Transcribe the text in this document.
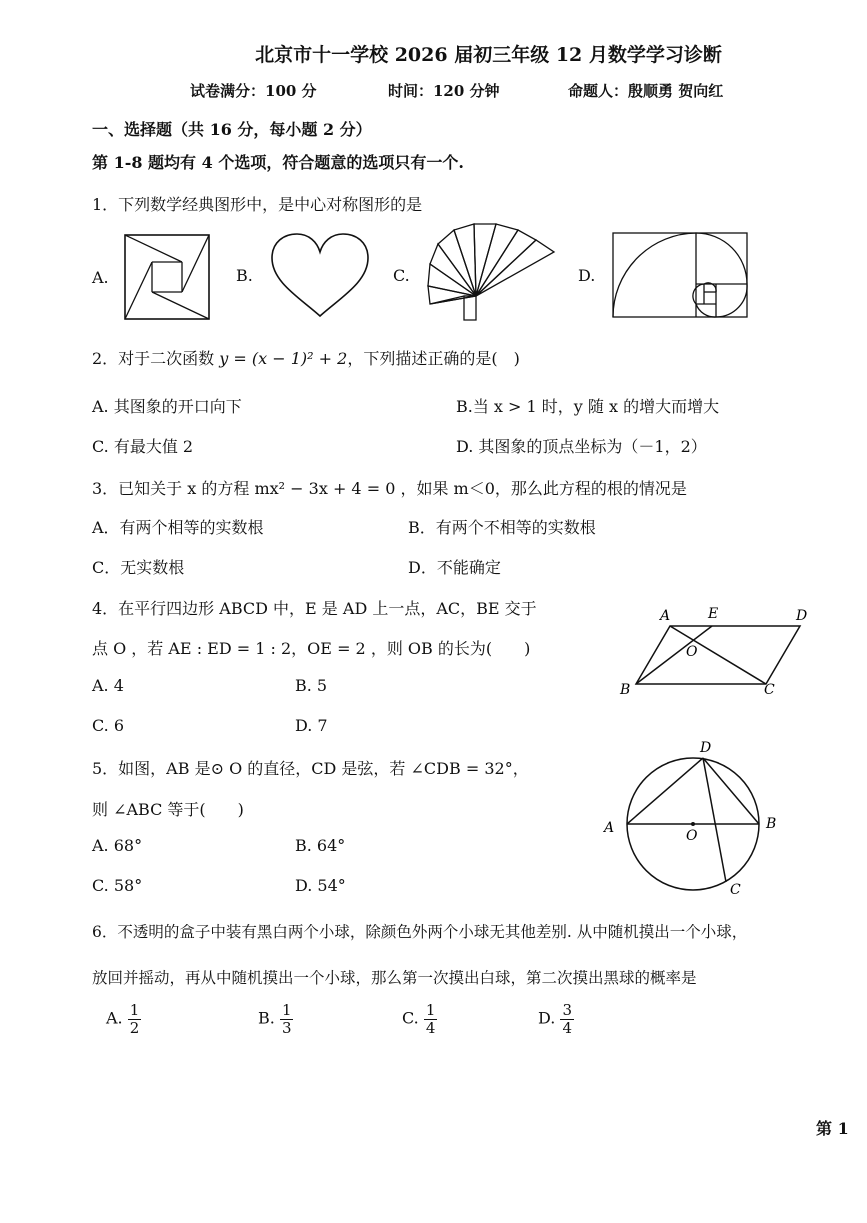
北京市十一学校 2026 届初三年级 12 月数学学习诊断
试卷满分：100 分	时间：120 分钟	命题人：殷顺勇 贺向红
一、选择题（共 16 分，每小题 2 分）
第 1-8 题均有 4 个选项，符合题意的选项只有一个.
1．下列数学经典图形中，是中心对称图形的是
A.	B.	C.	D.
2．对于二次函数 y = (x − 1)² + 2，下列描述正确的是(　)
A. 其图象的开口向下	B.当 x > 1 时，y 随 x 的增大而增大
C. 有最大值 2	D. 其图象的顶点坐标为（－1，2）
3．已知关于 x 的方程 mx² − 3x + 4 = 0 ，如果 m＜0，那么此方程的根的情况是
A．有两个相等的实数根	B．有两个不相等的实数根
C．无实数根	D．不能确定
4．在平行四边形 ABCD 中，E 是 AD 上一点，AC，BE 交于
点 O ，若 AE : ED = 1 : 2，OE = 2 ，则 OB 的长为(　　)
A. 4	B. 5
C. 6	D. 7
A	E	D
O
B	C
5．如图，AB 是⊙ O 的直径，CD 是弦，若 ∠CDB = 32°，
则 ∠ABC 等于(　　)
A. 68°	B. 64°
C. 58°	D. 54°
D
A	O
B
C
6．不透明的盒子中装有黑白两个小球，除颜色外两个小球无其他差别. 从中随机摸出一个小球，
放回并摇动，再从中随机摸出一个小球，那么第一次摸出白球，第二次摸出黑球的概率是
A. $\frac{1}{2}$	B. $\frac{1}{3}$	C. $\frac{1}{4}$	D. $\frac{3}{4}$
第 1
